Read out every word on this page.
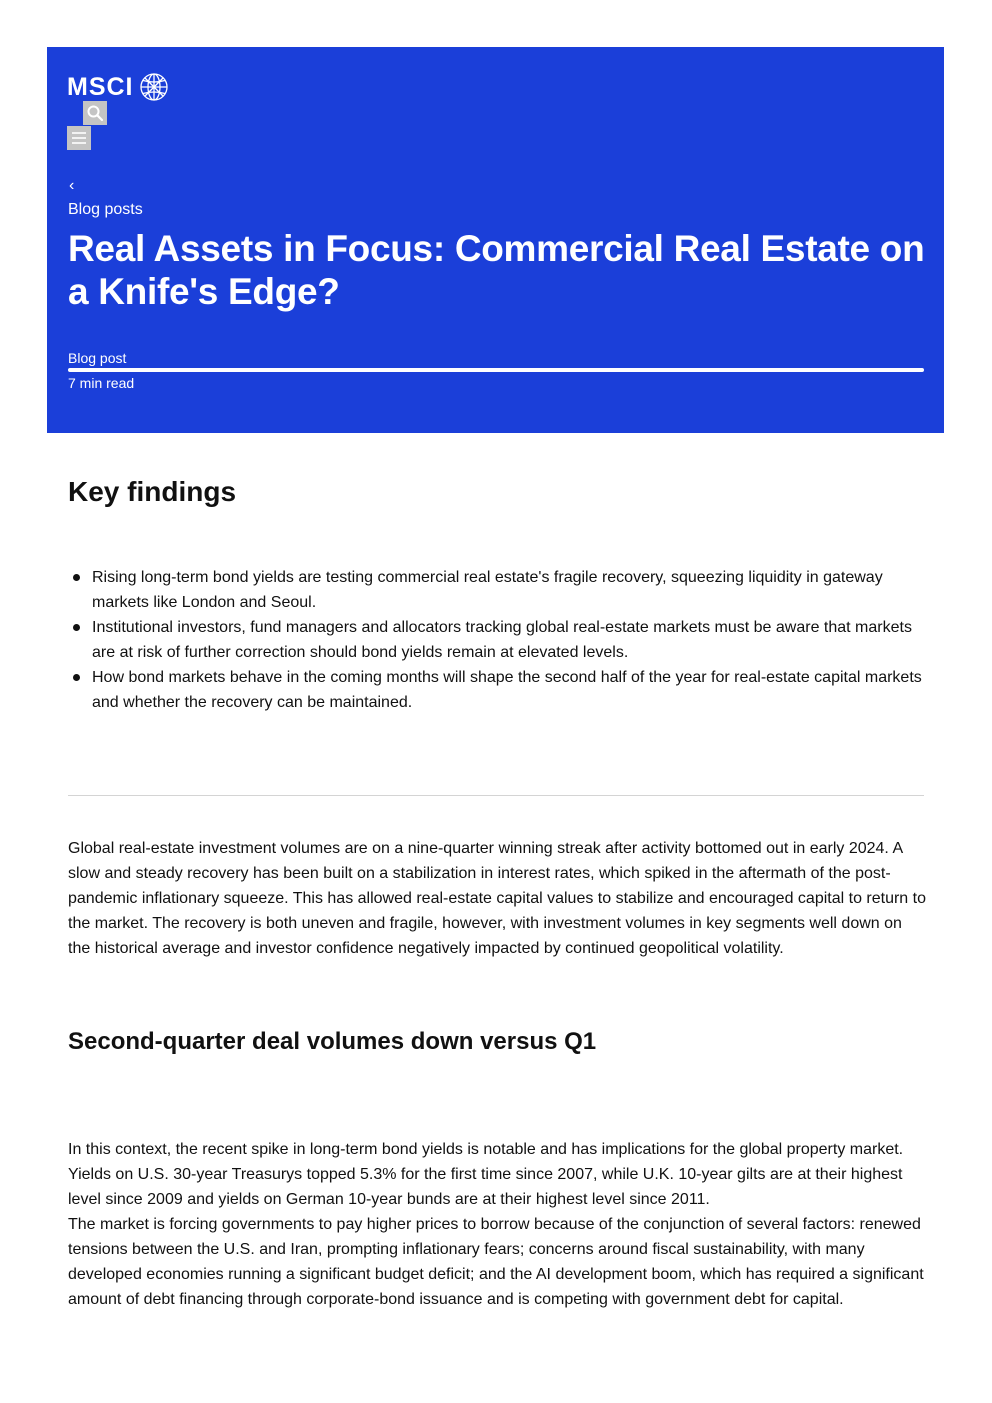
MSCI
‹
Blog posts
Real Assets in Focus: Commercial Real Estate on a Knife's Edge?
Blog post
7 min read
Key findings
Rising long-term bond yields are testing commercial real estate's fragile recovery, squeezing liquidity in gateway markets like London and Seoul.
Institutional investors, fund managers and allocators tracking global real-estate markets must be aware that markets are at risk of further correction should bond yields remain at elevated levels.
How bond markets behave in the coming months will shape the second half of the year for real-estate capital markets and whether the recovery can be maintained.

Global real-estate investment volumes are on a nine-quarter winning streak after activity bottomed out in early 2024. A slow and steady recovery has been built on a stabilization in interest rates, which spiked in the aftermath of the post-pandemic inflationary squeeze. This has allowed real-estate capital values to stabilize and encouraged capital to return to the market. The recovery is both uneven and fragile, however, with investment volumes in key segments well down on the historical average and investor confidence negatively impacted by continued geopolitical volatility.

Second-quarter deal volumes down versus Q1

In this context, the recent spike in long-term bond yields is notable and has implications for the global property market. Yields on U.S. 30-year Treasurys topped 5.3% for the first time since 2007, while U.K. 10-year gilts are at their highest level since 2009 and yields on German 10-year bunds are at their highest level since 2011.

The market is forcing governments to pay higher prices to borrow because of the conjunction of several factors: renewed tensions between the U.S. and Iran, prompting inflationary fears; concerns around fiscal sustainability, with many developed economies running a significant budget deficit; and the AI development boom, which has required a significant amount of debt financing through corporate-bond issuance and is competing with government debt for capital.
